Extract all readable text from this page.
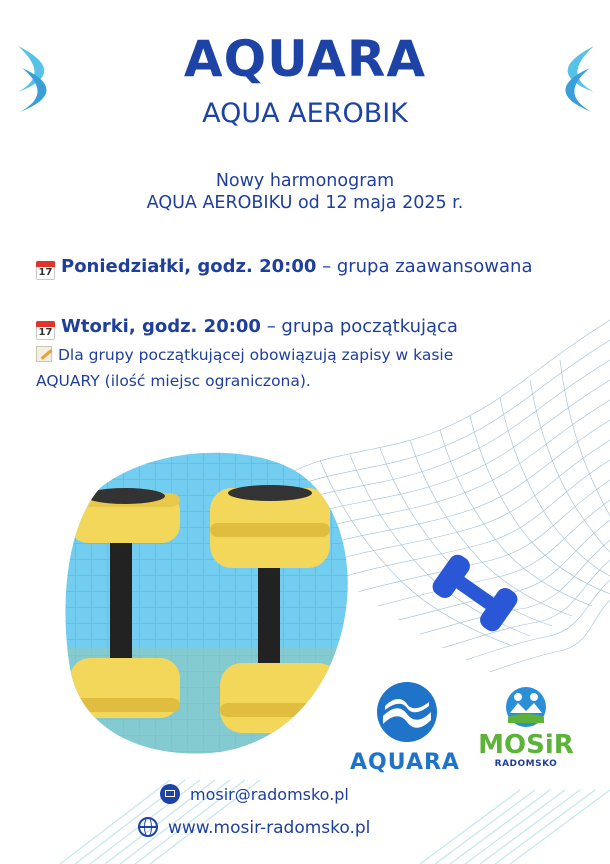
AQUARA
AQUA AEROBIK
Nowy harmonogram
AQUA AEROBIKU od 12 maja 2025 r.
17 Poniedziałki, godz. 20:00 – grupa zaawansowana
17 Wtorki, godz. 20:00 – grupa początkująca
Dla grupy początkującej obowiązują zapisy w kasie
AQUARY (ilość miejsc ograniczona).
AQUARA
MOSiR
RADOMSKO
mosir@radomsko.pl
www.mosir-radomsko.pl
